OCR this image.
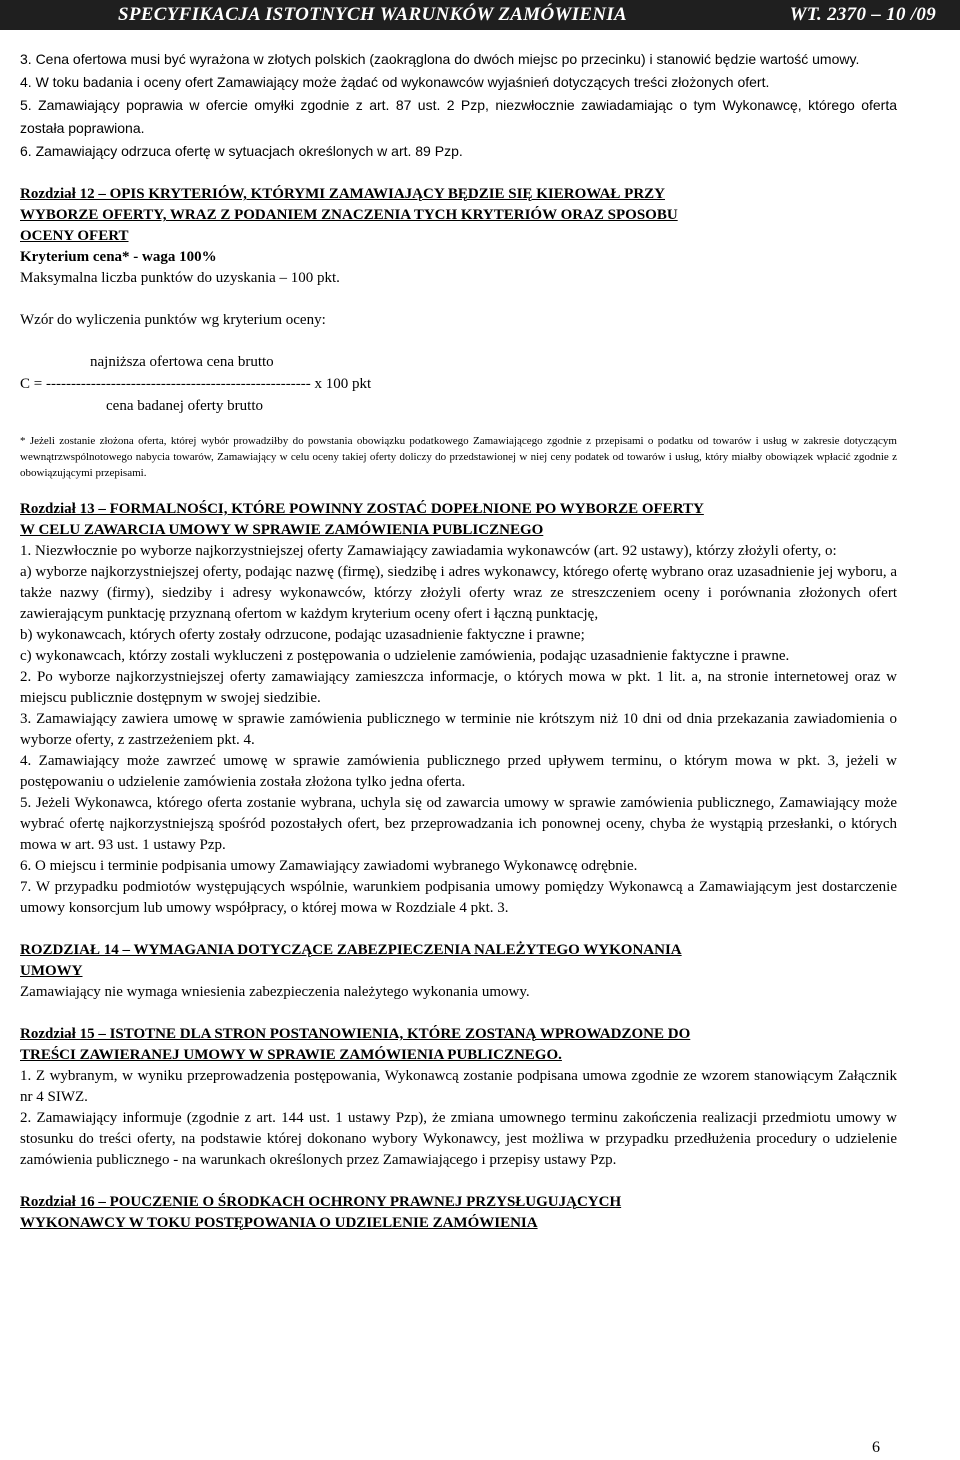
SPECYFIKACJA ISTOTNYCH WARUNKÓW ZAMÓWIENIA	WT. 2370 – 10 /09

3. Cena ofertowa musi być wyrażona w złotych polskich (zaokrąglona do dwóch miejsc po przecinku) i stanowić będzie wartość umowy.

4. W toku badania i oceny ofert Zamawiający może żądać od wykonawców wyjaśnień dotyczących treści złożonych ofert.

5. Zamawiający poprawia w ofercie omyłki zgodnie z art. 87 ust. 2 Pzp, niezwłocznie zawiadamiając o tym Wykonawcę, którego oferta została poprawiona.

6. Zamawiający odrzuca ofertę w sytuacjach określonych w art. 89 Pzp.

Rozdział 12 – OPIS KRYTERIÓW, KTÓRYMI ZAMAWIAJĄCY BĘDZIE SIĘ KIEROWAŁ PRZY

WYBORZE OFERTY, WRAZ Z PODANIEM ZNACZENIA TYCH KRYTERIÓW ORAZ SPOSOBU

OCENY OFERT

Kryterium cena* - waga 100%

Maksymalna liczba punktów do uzyskania – 100 pkt.

Wzór do wyliczenia punktów wg kryterium oceny:

najniższa ofertowa cena brutto

C = ----------------------------------------------------- x 100 pkt

cena badanej oferty brutto

* Jeżeli zostanie złożona oferta, której wybór prowadziłby do powstania obowiązku podatkowego Zamawiającego zgodnie z przepisami o podatku od towarów i usług w zakresie dotyczącym wewnątrzwspólnotowego nabycia towarów, Zamawiający w celu oceny takiej oferty doliczy do przedstawionej w niej ceny podatek od towarów i usług, który miałby obowiązek wpłacić zgodnie z obowiązującymi przepisami.

Rozdział 13 – FORMALNOŚCI, KTÓRE POWINNY ZOSTAĆ DOPEŁNIONE PO WYBORZE OFERTY

W CELU ZAWARCIA UMOWY W SPRAWIE ZAMÓWIENIA PUBLICZNEGO

1. Niezwłocznie po wyborze najkorzystniejszej oferty Zamawiający zawiadamia wykonawców (art. 92 ustawy), którzy złożyli oferty, o:

a) wyborze najkorzystniejszej oferty, podając nazwę (firmę), siedzibę i adres wykonawcy, którego ofertę wybrano oraz uzasadnienie jej wyboru, a także nazwy (firmy), siedziby i adresy wykonawców, którzy złożyli oferty wraz ze streszczeniem oceny i porównania złożonych ofert zawierającym punktację przyznaną ofertom w każdym kryterium oceny ofert i łączną punktację,

b) wykonawcach, których oferty zostały odrzucone, podając uzasadnienie faktyczne i prawne;

c) wykonawcach, którzy zostali wykluczeni z postępowania o udzielenie zamówienia, podając uzasadnienie faktyczne i prawne.

2. Po wyborze najkorzystniejszej oferty zamawiający zamieszcza informacje, o których mowa w pkt. 1 lit. a, na stronie internetowej oraz w miejscu publicznie dostępnym w swojej siedzibie.

3. Zamawiający zawiera umowę w sprawie zamówienia publicznego w terminie nie krótszym niż 10 dni od dnia przekazania zawiadomienia o wyborze oferty, z zastrzeżeniem pkt. 4.

4. Zamawiający może zawrzeć umowę w sprawie zamówienia publicznego przed upływem terminu, o którym mowa w pkt. 3, jeżeli w postępowaniu o udzielenie zamówienia została złożona tylko jedna oferta.

5. Jeżeli Wykonawca, którego oferta zostanie wybrana, uchyla się od zawarcia umowy w sprawie zamówienia publicznego, Zamawiający może wybrać ofertę najkorzystniejszą spośród pozostałych ofert, bez przeprowadzania ich ponownej oceny, chyba że wystąpią przesłanki, o których mowa w art. 93 ust. 1 ustawy Pzp.

6. O miejscu i terminie podpisania umowy Zamawiający zawiadomi wybranego Wykonawcę odrębnie.

7. W przypadku podmiotów występujących wspólnie, warunkiem podpisania umowy pomiędzy Wykonawcą a Zamawiającym jest dostarczenie umowy konsorcjum lub umowy współpracy, o której mowa w Rozdziale 4 pkt. 3.

ROZDZIAŁ 14 – WYMAGANIA DOTYCZĄCE ZABEZPIECZENIA NALEŻYTEGO WYKONANIA

UMOWY

Zamawiający nie wymaga wniesienia zabezpieczenia należytego wykonania umowy.

Rozdział 15 – ISTOTNE DLA STRON POSTANOWIENIA, KTÓRE ZOSTANĄ WPROWADZONE DO

TREŚCI ZAWIERANEJ UMOWY W SPRAWIE ZAMÓWIENIA PUBLICZNEGO.

1. Z wybranym, w wyniku przeprowadzenia postępowania, Wykonawcą zostanie podpisana umowa zgodnie ze wzorem stanowiącym Załącznik nr 4 SIWZ.

2. Zamawiający informuje (zgodnie z art. 144 ust. 1 ustawy Pzp), że zmiana umownego terminu zakończenia realizacji przedmiotu umowy w stosunku do treści oferty, na podstawie której dokonano wybory Wykonawcy, jest możliwa w przypadku przedłużenia procedury o udzielenie zamówienia publicznego - na warunkach określonych przez Zamawiającego i przepisy ustawy Pzp.

Rozdział 16 – POUCZENIE O ŚRODKACH OCHRONY PRAWNEJ PRZYSŁUGUJĄCYCH

WYKONAWCY W TOKU POSTĘPOWANIA O UDZIELENIE ZAMÓWIENIA

6
